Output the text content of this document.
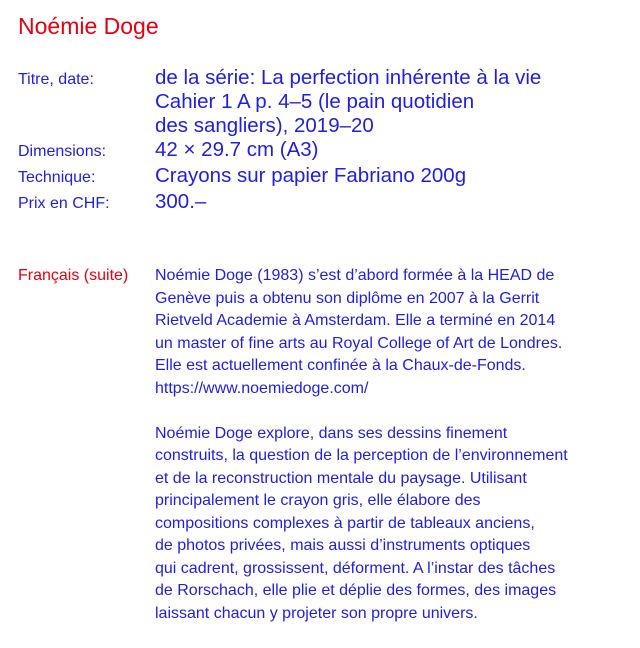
Noémie Doge
Titre, date:	de la série: La perfection inhérente à la vie
Cahier 1 A p. 4–5 (le pain quotidien
des sangliers), 2019–20
Dimensions:	42 × 29.7 cm (A3)
Technique:	Crayons sur papier Fabriano 200g
Prix en CHF:	300.–
Français (suite)	Noémie Doge (1983) s’est d’abord formée à la HEAD de
Genève puis a obtenu son diplôme en 2007 à la Gerrit
Rietveld Academie à Amsterdam. Elle a terminé en 2014
un master of fine arts au Royal College of Art de Londres.
Elle est actuellement confinée à la Chaux-de-Fonds.
https://www.noemiedoge.com/

Noémie Doge explore, dans ses dessins finement
construits, la question de la perception de l’environnement
et de la reconstruction mentale du paysage. Utilisant
principalement le crayon gris, elle élabore des
compositions complexes à partir de tableaux anciens,
de photos privées, mais aussi d’instruments optiques
qui cadrent, grossissent, déforment. A l’instar des tâches
de Rorschach, elle plie et déplie des formes, des images
laissant chacun y projeter son propre univers.
